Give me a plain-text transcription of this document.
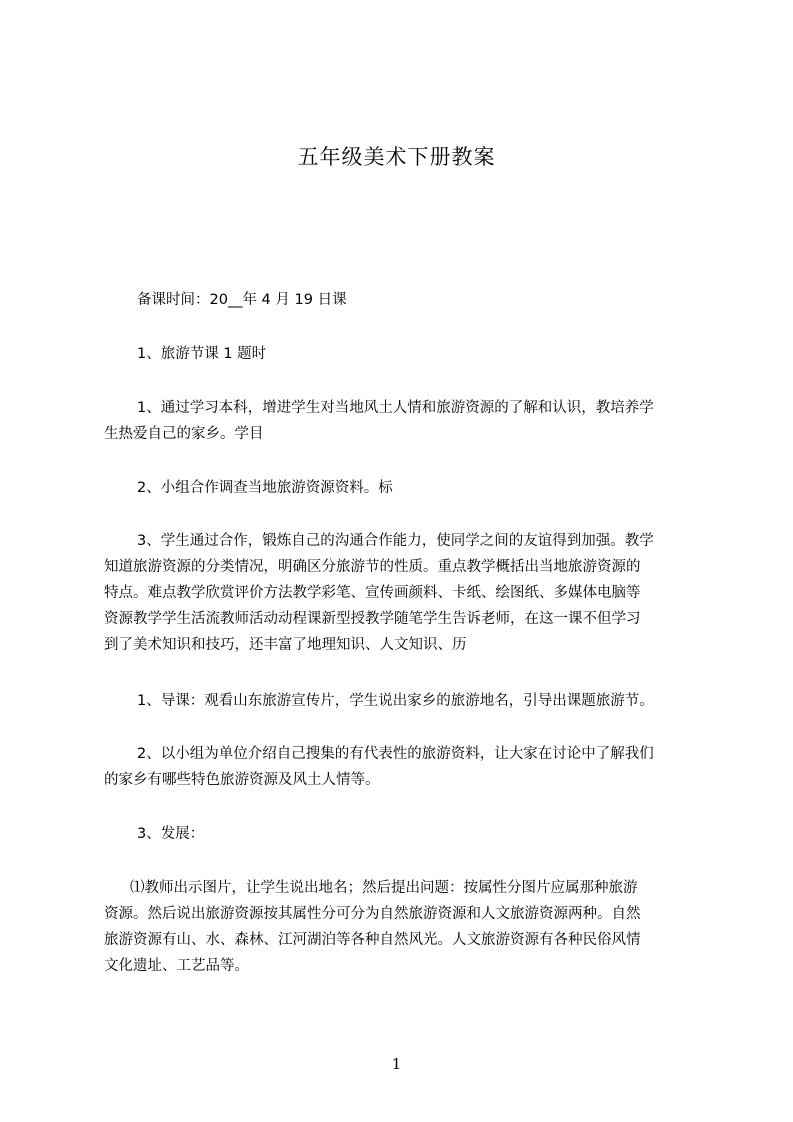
五年级美术下册教案
备课时间：20__年 4 月 19 日课
1、旅游节课 1 题时
1、通过学习本科，增进学生对当地风土人情和旅游资源的了解和认识，教培养学
生热爱自己的家乡。学目
2、小组合作调查当地旅游资源资料。标
3、学生通过合作，锻炼自己的沟通合作能力，使同学之间的友谊得到加强。教学
知道旅游资源的分类情况，明确区分旅游节的性质。重点教学概括出当地旅游资源的
特点。难点教学欣赏评价方法教学彩笔、宣传画颜料、卡纸、绘图纸、多媒体电脑等
资源教学学生活流教师活动动程课新型授教学随笔学生告诉老师，在这一课不但学习
到了美术知识和技巧，还丰富了地理知识、人文知识、历
1、导课：观看山东旅游宣传片，学生说出家乡的旅游地名，引导出课题旅游节。
2、以小组为单位介绍自己搜集的有代表性的旅游资料，让大家在讨论中了解我们
的家乡有哪些特色旅游资源及风土人情等。
3、发展：
⑴教师出示图片，让学生说出地名；然后提出问题：按属性分图片应属那种旅游
资源。然后说出旅游资源按其属性分可分为自然旅游资源和人文旅游资源两种。自然
旅游资源有山、水、森林、江河湖泊等各种自然风光。人文旅游资源有各种民俗风情
文化遗址、工艺品等。
1
